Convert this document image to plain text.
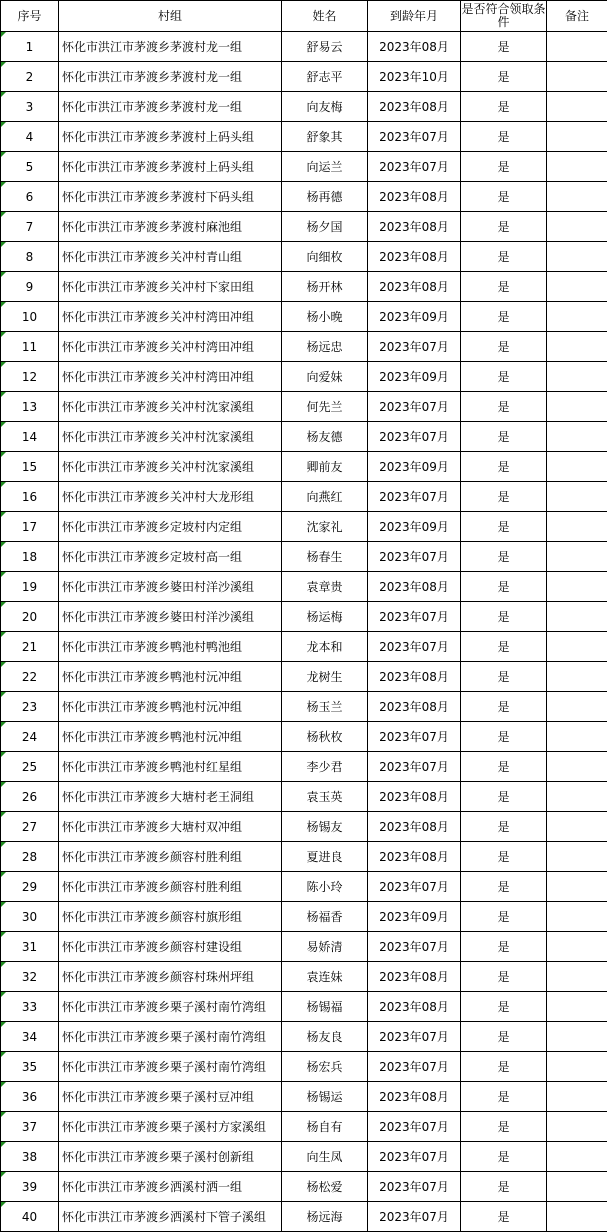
序号	村组	姓名	到龄年月	是否符合领取条件	备注
1	怀化市洪江市茅渡乡茅渡村龙一组	舒易云	2023年08月	是	
2	怀化市洪江市茅渡乡茅渡村龙一组	舒志平	2023年10月	是	
3	怀化市洪江市茅渡乡茅渡村龙一组	向友梅	2023年08月	是	
4	怀化市洪江市茅渡乡茅渡村上码头组	舒象其	2023年07月	是	
5	怀化市洪江市茅渡乡茅渡村上码头组	向运兰	2023年07月	是	
6	怀化市洪江市茅渡乡茅渡村下码头组	杨再德	2023年08月	是	
7	怀化市洪江市茅渡乡茅渡村麻池组	杨夕国	2023年08月	是	
8	怀化市洪江市茅渡乡关冲村青山组	向细枚	2023年08月	是	
9	怀化市洪江市茅渡乡关冲村下家田组	杨开林	2023年08月	是	
10	怀化市洪江市茅渡乡关冲村湾田冲组	杨小晚	2023年09月	是	
11	怀化市洪江市茅渡乡关冲村湾田冲组	杨远忠	2023年07月	是	
12	怀化市洪江市茅渡乡关冲村湾田冲组	向爱妹	2023年09月	是	
13	怀化市洪江市茅渡乡关冲村沈家溪组	何先兰	2023年07月	是	
14	怀化市洪江市茅渡乡关冲村沈家溪组	杨友德	2023年07月	是	
15	怀化市洪江市茅渡乡关冲村沈家溪组	卿前友	2023年09月	是	
16	怀化市洪江市茅渡乡关冲村大龙形组	向燕红	2023年07月	是	
17	怀化市洪江市茅渡乡定坡村内定组	沈家礼	2023年09月	是	
18	怀化市洪江市茅渡乡定坡村高一组	杨春生	2023年07月	是	
19	怀化市洪江市茅渡乡婆田村洋沙溪组	袁章贵	2023年08月	是	
20	怀化市洪江市茅渡乡婆田村洋沙溪组	杨运梅	2023年07月	是	
21	怀化市洪江市茅渡乡鸭池村鸭池组	龙本和	2023年07月	是	
22	怀化市洪江市茅渡乡鸭池村沅冲组	龙树生	2023年08月	是	
23	怀化市洪江市茅渡乡鸭池村沅冲组	杨玉兰	2023年08月	是	
24	怀化市洪江市茅渡乡鸭池村沅冲组	杨秋枚	2023年07月	是	
25	怀化市洪江市茅渡乡鸭池村红星组	李少君	2023年07月	是	
26	怀化市洪江市茅渡乡大塘村老王洞组	袁玉英	2023年08月	是	
27	怀化市洪江市茅渡乡大塘村双冲组	杨锡友	2023年08月	是	
28	怀化市洪江市茅渡乡颜容村胜利组	夏进良	2023年08月	是	
29	怀化市洪江市茅渡乡颜容村胜利组	陈小玲	2023年07月	是	
30	怀化市洪江市茅渡乡颜容村旗形组	杨福香	2023年09月	是	
31	怀化市洪江市茅渡乡颜容村建设组	易娇清	2023年07月	是	
32	怀化市洪江市茅渡乡颜容村珠州坪组	袁连妹	2023年08月	是	
33	怀化市洪江市茅渡乡栗子溪村南竹湾组	杨锡福	2023年08月	是	
34	怀化市洪江市茅渡乡栗子溪村南竹湾组	杨友良	2023年07月	是	
35	怀化市洪江市茅渡乡栗子溪村南竹湾组	杨宏兵	2023年07月	是	
36	怀化市洪江市茅渡乡栗子溪村豆冲组	杨锡运	2023年08月	是	
37	怀化市洪江市茅渡乡栗子溪村方家溪组	杨自有	2023年07月	是	
38	怀化市洪江市茅渡乡栗子溪村创新组	向生凤	2023年07月	是	
39	怀化市洪江市茅渡乡洒溪村洒一组	杨松爱	2023年07月	是	
40	怀化市洪江市茅渡乡洒溪村下管子溪组	杨远海	2023年07月	是	
